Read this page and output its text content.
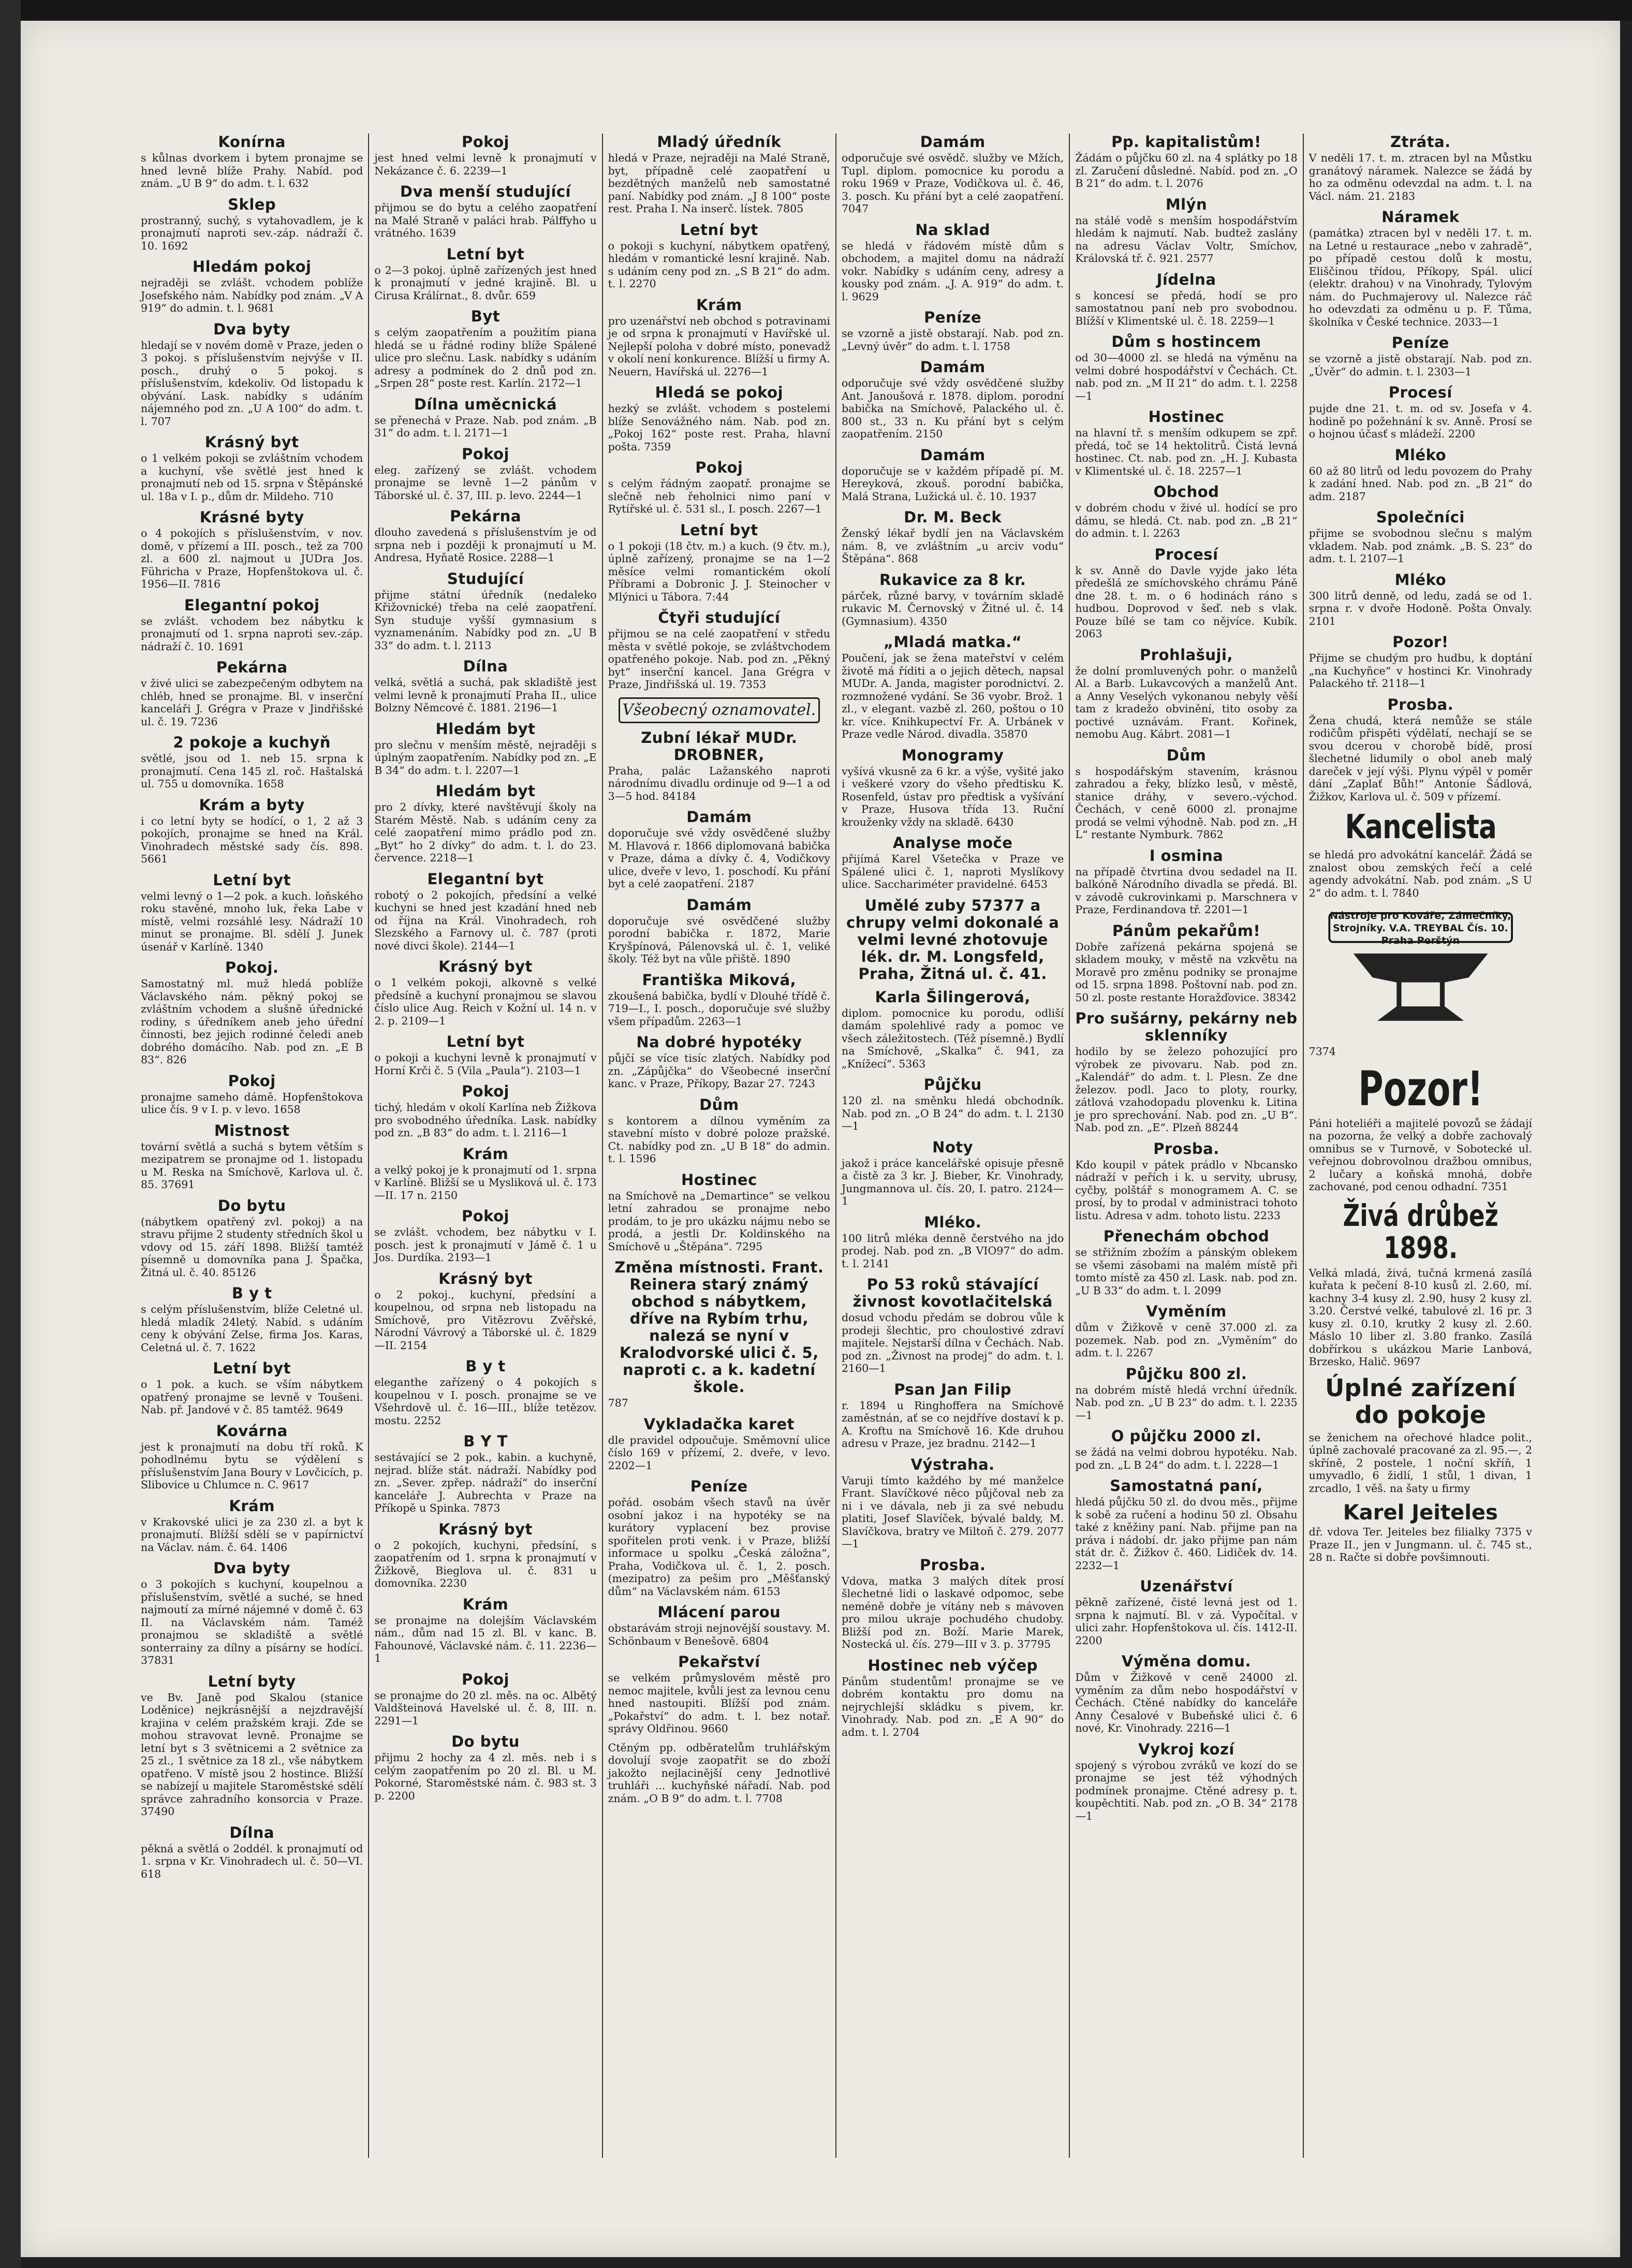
Konírna

s kůlnas dvorkem i bytem pronajme se hned levně blíže Prahy. Nabíd. pod znám. „U B 9“ do adm. t. l. 632

Sklep

prostranný, suchý, s vytahovadlem, je k pronajmutí naproti sev.-záp. nádraží č. 10. 1692

Hledám pokoj

nejraději se zvlášt. vchodem poblíže Josefského nám. Nabídky pod znám. „V A 919“ do admin. t. l. 9681

Dva byty

hledají se v novém domě v Praze, jeden o 3 pokoj. s příslušenstvím nejvýše v II. posch., druhý o 5 pokoj. s příslušenstvím, kdekoliv. Od listopadu k obývání. Lask. nabídky s udáním nájemného pod zn. „U A 100“ do adm. t. l. 707

Krásný byt

o 1 velkém pokoji se zvláštním vchodem a kuchyní, vše světlé jest hned k pronajmutí neb od 15. srpna v Štěpánské ul. 18a v I. p., dům dr. Mildeho. 710

Krásné byty

o 4 pokojích s příslušenstvím, v nov. domě, v přízemí a III. posch., tež za 700 zl. a 600 zl. najmout u JUDra Jos. Führicha v Praze, Hopfenštokova ul. č. 1956—II. 7816

Elegantní pokoj

se zvlášt. vchodem bez nábytku k pronajmutí od 1. srpna naproti sev.-záp. nádraží č. 10. 1691

Pekárna

v živé ulici se zabezpečeným odbytem na chléb, hned se pronajme. Bl. v inserční kanceláři J. Grégra v Praze v Jindřišské ul. č. 19. 7236

2 pokoje a kuchyň

světlé, jsou od 1. neb 15. srpna k pronajmutí. Cena 145 zl. roč. Haštalská ul. 755 u domovníka. 1658

Krám a byty

i co letní byty se hodící, o 1, 2 až 3 pokojích, pronajme se hned na Král. Vinohradech městské sady čís. 898. 5661

Letní byt

velmi levný o 1—2 pok. a kuch. loňského roku stavěné, mnoho luk, řeka Labe v místě, velmi rozsáhlé lesy. Nádraží 10 minut se pronajme. Bl. sdělí J. Junek úsenář v Karlíně. 1340

Pokoj.

Samostatný ml. muž hledá poblíže Václavského nám. pěkný pokoj se zvláštním vchodem a slušně úřednické rodiny, s úředníkem aneb jeho úřední činnosti, bez jejich rodinné čeledi aneb dobrého domácího. Nab. pod zn. „E B 83“. 826

Pokoj

pronajme sameho dámě. Hopfenštokova ulice čís. 9 v I. p. v levo. 1658

Mistnost

tovární světlá a suchá s bytem větším s mezipatrem se pronajme od 1. listopadu u M. Reska na Smíchově, Karlova ul. č. 85. 37691

Do bytu

(nábytkem opatřený zvl. pokoj) a na stravu přijme 2 studenty středních škol u vdovy od 15. září 1898. Bližší tamtéž písemně u domovníka pana J. Špačka, Žitná ul. č. 40. 85126

B y t

s celým příslušenstvím, blíže Celetné ul. hledá mladík 24letý. Nabíd. s udáním ceny k obývání Zelse, firma Jos. Karas, Celetná ul. č. 7. 1622

Letní byt

o 1 pok. a kuch. se vším nábytkem opatřený pronajme se levně v Toušeni. Nab. př. Jandové v č. 85 tamtéž. 9649

Kovárna

jest k pronajmutí na dobu tří roků. K pohodlnému bytu se výdělení s příslušenstvím Jana Boury v Lovčicích, p. Slibovice u Chlumce n. C. 9617

Krám

v Krakovské ulici je za 230 zl. a byt k pronajmutí. Blížší sdělí se v papírnictví na Václav. nám. č. 64. 1406

Dva byty

o 3 pokojích s kuchyní, koupelnou a příslušenstvím, světlé a suché, se hned najmoutí za mírné nájemné v domě č. 63 II. na Václavském nám. Taméž pronajmou se skladiště a světlé sonterrainy za dílny a písárny se hodící. 37831

Letní byty

ve Bv. Janě pod Skalou (stanice Loděnice) nejkrásnější a nejzdravější krajina v celém pražském kraji. Zde se mohou stravovat levně. Pronajme se letní byt s 3 světnicemi a 2 světnice za 25 zl., 1 světnice za 18 zl., vše nábytkem opatřeno. V místě jsou 2 hostince. Bližší se nabízejí u majitele Staroměstské sdělí správce zahradního konsorcia v Praze. 37490

Dílna

pěkná a světlá o 2oddél. k pronajmutí od 1. srpna v Kr. Vinohradech ul. č. 50—VI. 618

Pokoj

jest hned velmi levně k pronajmutí v Nekázance č. 6. 2239—1

Dva menší studující

přijmou se do bytu a celého zaopatření na Malé Straně v paláci hrab. Pálffyho u vrátného. 1639

Letní byt

o 2—3 pokoj. úplně zařízených jest hned k pronajmutí v jedné krajině. Bl. u Cirusa Králírnat., 8. dvůr. 659

Byt

s celým zaopatřením a použitím piana hledá se u řádné rodiny blíže Spálené ulice pro slečnu. Lask. nabídky s udáním adresy a podmínek do 2 dnů pod zn. „Srpen 28“ poste rest. Karlín. 2172—1

Dílna uměcnická

se přenechá v Praze. Nab. pod znám. „B 31“ do adm. t. l. 2171—1

Pokoj

eleg. zařízený se zvlášt. vchodem pronajme se levně 1—2 pánům v Táborské ul. č. 37, III. p. levo. 2244—1

Pekárna

dlouho zavedená s příslušenstvím je od srpna neb i později k pronajmutí u M. Andresa, Hyňatě Rosice. 2288—1

Studující

přijme státní úředník (nedaleko Křižovnické) třeba na celé zaopatření. Syn studuje vyšší gymnasium s vyznamenáním. Nabídky pod zn. „U B 33“ do adm. t. l. 2113

Dílna

velká, světlá a suchá, pak skladiště jest velmi levně k pronajmutí Praha II., ulice Bolzny Němcové č. 1881. 2196—1

Hledám byt

pro slečnu v menším městě, nejraději s úplným zaopatřením. Nabídky pod zn. „E B 34“ do adm. t. l. 2207—1

Hledám byt

pro 2 dívky, které navštěvují školy na Starém Městě. Nab. s udáním ceny za celé zaopatření mimo prádlo pod zn. „Byt“ ho 2 dívky“ do adm. t. l. do 23. července. 2218—1

Elegantní byt

robotý o 2 pokojích, předsíní a velké kuchyni se hned jest kzadání hned neb od října na Král. Vinohradech, roh Slezského a Farnovy ul. č. 787 (proti nové divci škole). 2144—1

Krásný byt

o 1 velkém pokoji, alkovně s velké předsíně a kuchyní pronajmou se slavou číslo ulice Aug. Reich v Kožní ul. 14 n. v 2. p. 2109—1

Letní byt

o pokoji a kuchyni levně k pronajmutí v Horní Krči č. 5 (Vila „Paula“). 2103—1

Pokoj

tichý, hledám v okolí Karlína neb Žižkova pro svobodného úředníka. Lask. nabídky pod zn. „B 83“ do adm. t. l. 2116—1

Krám

a velký pokoj je k pronajmutí od 1. srpna v Karlíně. Bližší se u Mysliková ul. č. 173—II. 17 n. 2150

Pokoj

se zvlášt. vchodem, bez nábytku v I. posch. jest k pronajmutí v Jámě č. 1 u Jos. Durdíka. 2193—1

Krásný byt

o 2 pokoj., kuchyní, předsíní a koupelnou, od srpna neb listopadu na Smíchově, pro Vitězrovu Zvěřské, Národní Vávrový a Táborské ul. č. 1829—II. 2154

B y t

eleganthe zařízený o 4 pokojích s koupelnou v I. posch. pronajme se ve Všehrdově ul. č. 16—III., blíže tetězov. mostu. 2252

B Y T

sestávající se 2 pok., kabin. a kuchyně, nejrad. blíže stát. nádraží. Nabídky pod zn. „Sever. zpřep. nádraží“ do inserční kanceláře J. Aubrechta v Praze na Příkopě u Spinka. 7873

Krásný byt

o 2 pokojích, kuchyni, předsíní, s zaopatřením od 1. srpna k pronajmutí v Žižkově, Bieglova ul. č. 831 u domovníka. 2230

Krám

se pronajme na dolejším Václavském nám., dům nad 15 zl. Bl. v kanc. B. Fahounové, Václavské nám. č. 11. 2236—1

Pokoj

se pronajme do 20 zl. měs. na oc. Albětý Valdšteinová Havelské ul. č. 8, III. n. 2291—1

Do bytu

přijmu 2 hochy za 4 zl. měs. neb i s celým zaopatřením po 20 zl. Bl. u M. Pokorné, Staroměstské nám. č. 983 st. 3 p. 2200

Mladý úředník

hledá v Praze, nejraději na Malé Straně, byt, případně celé zaopatření u bezdětných manželů neb samostatné paní. Nabídky pod znám. „J 8 100“ poste rest. Praha I. Na inserč. lístek. 7805

Letní byt

o pokoji s kuchyní, nábytkem opatřený, hledám v romantické lesní krajině. Nab. s udáním ceny pod zn. „S B 21“ do adm. t. l. 2270

Krám

pro uzenářství neb obchod s potravinami je od srpna k pronajmutí v Havířské ul. Nejlepší poloha v dobré místo, ponevadž v okolí není konkurence. Blížší u firmy A. Neuern, Havířská ul. 2276—1

Hledá se pokoj

hezký se zvlášt. vchodem s postelemi blíže Senovážného nám. Nab. pod zn. „Pokoj 162“ poste rest. Praha, hlavní pošta. 7359

Pokoj

s celým řádným zaopatř. pronajme se slečně neb řeholnici nimo paní v Rytířské ul. č. 531 sl., I. posch. 2267—1

Letní byt

o 1 pokoji (18 čtv. m.) a kuch. (9 čtv. m.), úplně zařízený, pronajme se na 1—2 měsíce velmi romantickém okolí Příbrami a Dobronic J. J. Steinocher v Mlýnici u Tábora. 7:44

Čtyři studující

přijmou se na celé zaopatření v středu města v světlé pokoje, se zvláštvchodem opatřeného pokoje. Nab. pod zn. „Pěkný byt“ inserční kancel. Jana Grégra v Praze, Jindřišská ul. 19. 7353

Všeobecný oznamovatel.
Zubní lékař MUDr. DROBNER,

Praha, palác Lažanského naproti národnímu divadlu ordinuje od 9—1 a od 3—5 hod. 84184

Damám

doporučuje své vždy osvědčené služby M. Hlavová r. 1866 diplomovaná babička v Praze, dáma a dívky č. 4, Vodičkovy ulice, dveře v levo, 1. poschodí. Ku přání byt a celé zaopatření. 2187

Damám

doporučuje své osvědčené služby porodní babička r. 1872, Marie Kryšpínová, Pálenovská ul. č. 1, veliké školy. Též byt na vůle přiště. 1890

Františka Miková,

zkoušená babička, bydlí v Dlouhé třídě č. 719—I., I. posch., doporučuje své služby všem případům. 2263—1

Na dobré hypotéky

půjčí se více tisíc zlatých. Nabídky pod zn. „Zápůjčka“ do Všeobecné inserční kanc. v Praze, Příkopy, Bazar 27. 7243

Dům

s kontorem a dílnou vyměním za stavební místo v dobré poloze pražské. Ct. nabídky pod zn. „U B 18“ do admin. t. l. 1596

Hostinec

na Smíchově na „Demartince“ se velkou letní zahradou se pronajme nebo prodám, to je pro ukázku nájmu nebo se prodá, a jestli Dr. Koldinského na Smíchově u „Štěpána“. 7295

Změna místnosti. Frant. Reinera starý známý obchod s nábytkem, dříve na Rybím trhu, nalezá se nyní v Kralodvorské ulici č. 5, naproti c. a k. kadetní škole.

787

Vykladačka karet

dle pravidel odpoučuje. Směmovní ulice číslo 169 v přízemí, 2. dveře, v levo. 2202—1

Peníze

pořád. osobám všech stavů na úvěr osobní jakoz i na hypotéky se na kurátory vyplacení bez provise spořitelen proti venk. i v Praze, bližší informace u spolku „Česká záložna“, Praha, Vodičkova ul. č. 1, 2. posch. (mezipatro) za pešim pro „Měšťanský dům“ na Václavském nám. 6153

Mlácení parou

obstarávám stroji nejnovější soustavy. M. Schönbaum v Benešově. 6804

Pekařství

se velkém průmyslovém městě pro nemoc majitele, kvůli jest za levnou cenu hned nastoupiti. Blížší pod znám. „Pokařství“ do adm. t. l. bez notař. správy Oldřinou. 9660

Ctěným pp. odběratelům truhlářským dovolují svoje zaopatřit se do zboží jakožto nejlacinější ceny Jednotlivé truhláři ... kuchyňské nářadí. Nab. pod znám. „O B 9“ do adm. t. l. 7708

Damám

odporučuje své osvědč. služby ve Mžích, Tupl. diplom. pomocnice ku porodu a roku 1969 v Praze, Vodičkova ul. č. 46, 3. posch. Ku přání byt a celé zaopatření. 7047

Na sklad

se hledá v řádovém místě dům s obchodem, a majitel domu na nádraží vokr. Nabídky s udáním ceny, adresy a kousky pod znám. „J. A. 919“ do adm. t. l. 9629

Peníze

se vzorně a jistě obstarají. Nab. pod zn. „Levný úvěr“ do adm. t. l. 1758

Damám

odporučuje své vždy osvědčené služby Ant. Janoušová r. 1878. diplom. porodní babička na Smíchově, Palackého ul. č. 800 st., 33 n. Ku přání byt s celým zaopatřením. 2150

Damám

doporučuje se v každém případě pí. M. Hereyková, zkouš. porodní babička, Malá Strana, Lužická ul. č. 10. 1937

Dr. M. Beck

Ženský lékař bydlí jen na Václavském nám. 8, ve zvláštním „u arciv vodu“ Štěpána“. 868

Rukavice za 8 kr.

párček, různé barvy, v továrním skladě rukavic M. Černovský v Žitné ul. č. 14 (Gymnasium). 4350

„Mladá matka.“

Poučení, jak se žena mateřství v celém životě má říditi a o jejich dětech, napsal MUDr. A. Janda, magister porodnictví. 2. rozmnožené vydání. Se 36 vyobr. Brož. 1 zl., v elegant. vazbě zl. 260, poštou o 10 kr. více. Knihkupectví Fr. A. Urbánek v Praze vedle Národ. divadla. 35870

Monogramy

vyšívá vkusně za 6 kr. a výše, vyšité jako i veškeré vzory do všeho předtisku K. Rosenfeld, ústav pro předtisk a vyšívání v Praze, Husova třída 13. Ruční krouženky vždy na skladě. 6430

Analyse moče

přijímá Karel Všetečka v Praze ve Spálené ulici č. 1, naproti Myslíkovy ulice. Sacchariméter pravidelné. 6453

Umělé zuby 57377 a chrupy velmi dokonalé a velmi levné zhotovuje lék. dr. M. Longsfeld, Praha, Žitná ul. č. 41.
Karla Šilingerová,

diplom. pomocnice ku porodu, odliší damám spolehlivé rady a pomoc ve všech záležitostech. (Též písemně.) Bydlí na Smíchově, „Skalka“ č. 941, za „Knížecí“. 5363

Půjčku

120 zl. na směnku hledá obchodník. Nab. pod zn. „O B 24“ do adm. t. l. 2130—1

Noty

jakož i práce kancelářské opisuje přesně a čistě za 3 kr. J. Bieber, Kr. Vinohrady, Jungmannova ul. čís. 20, I. patro. 2124—1

Mléko.

100 litrů mléka denně čerstvého na jdo prodej. Nab. pod zn. „B VIO97“ do adm. t. l. 2141

Po 53 roků stávající živnost kovotlačitelská

dosud vchodu předám se dobrou vůle k prodeji šlechtic, pro choulostivé zdraví majitele. Nejstarší dílna v Čechách. Nab. pod zn. „Živnost na prodej“ do adm. t. l. 2160—1

Psan Jan Filip

r. 1894 u Ringhoffera na Smíchově zaměstnán, ať se co nejdříve dostaví k p. A. Kroftu na Smíchově 16. Kde druhou adresu v Praze, jez bradnu. 2142—1

Výstraha.

Varuji tímto každého by mé manželce Frant. Slavíčkové něco půjčoval neb za ni i ve dávala, neb ji za své nebudu platiti, Josef Slavíček, bývalé baldy, M. Slavíčkova, bratry ve Miltoň č. 279. 2077—1

Prosba.

Vdova, matka 3 malých dítek prosí šlechetné lidi o laskavé odpomoc, sebe neméně dobře je vítány neb s mávoven pro milou ukraje pochudého chudoby. Bližší pod zn. Boží. Marie Marek, Nostecká ul. čís. 279—III v 3. p. 37795

Hostinec neb výčep

Pánům studentům! pronajme se ve dobrém kontaktu pro domu na nejrychlejší skládku s pivem, kr. Vinohrady. Nab. pod zn. „E A 90“ do adm. t. l. 2704

Pp. kapitalistům!

Žádám o půjčku 60 zl. na 4 splátky po 18 zl. Zaručení důsledné. Nabíd. pod zn. „O B 21“ do adm. t. l. 2076

Mlýn

na stálé vodě s menším hospodářstvím hledám k najmutí. Nab. budtež zaslány na adresu Václav Voltr, Smíchov, Královská tř. č. 921. 2577

Jídelna

s koncesí se předá, hodí se pro samostatnou paní neb pro svobodnou. Blížší v Klimentské ul. č. 18. 2259—1

Dům s hostincem

od 30—4000 zl. se hledá na výměnu na velmi dobré hospodářství v Čechách. Ct. nab. pod zn. „M II 21“ do adm. t. l. 2258—1

Hostinec

na hlavní tř. s menším odkupem se zpř. předá, toč se 14 hektolitrů. Čistá levná hostinec. Ct. nab. pod zn. „H. J. Kubasta v Klimentské ul. č. 18. 2257—1

Obchod

v dobrém chodu v živé ul. hodící se pro dámu, se hledá. Ct. nab. pod zn. „B 21“ do admin. t. l. 2263

Procesí

k sv. Anně do Davle vyjde jako léta předešlá ze smíchovského chrámu Páně dne 28. t. m. o 6 hodinách ráno s hudbou. Doprovod v šeď. neb s vlak. Pouze bílé se tam co nějvíce. Kubík. 2063

Prohlašuji,

že dolní promluvených pohr. o manželů Al. a Barb. Lukavcových a manželů Ant. a Anny Veselých vykonanou nebyly věší tam z kradežo obvinění, tito osoby za poctivé uznávám. Frant. Kořinek, nemobu Aug. Kábrt. 2081—1

Dům

s hospodářským stavením, krásnou zahradou a řeky, blízko lesů, v městě, stanice dráhy, v severo.-východ. Čechách, v ceně 6000 zl. pronajme prodá se velmi výhodně. Nab. pod zn. „H L“ restante Nymburk. 7862

I osmina

na případě čtvrtina dvou sedadel na II. balkóně Národního divadla se předá. Bl. v závodě cukrovinkami p. Marschnera v Praze, Ferdinandova tř. 2201—1

Pánům pekařům!

Dobře zařízená pekárna spojená se skladem mouky, v městě na vzkvětu na Moravě pro změnu podniky se pronajme od 15. srpna 1898. Poštovní nab. pod zn. 50 zl. poste restante Horažďovice. 38342

Pro sušárny, pekárny neb sklenníky

hodilo by se železo pohozující pro výrobek ze pivovaru. Nab. pod zn. „Kalendář“ do adm. t. l. Plesn. Ze dne železov. podl. Jaco to ploty, rourky, zátlová vzahodopadu plovenku k. Litina je pro sprechování. Nab. pod zn. „U B“. Nab. pod zn. „E“. Plzeň 88244

Prosba.

Kdo koupil v pátek prádlo v Nbcansko nádraží v peřích i k. u servity, ubrusy, cyčby, polštář s monogramem A. C. se prosí, by to prodal v administraci tohoto listu. Adresa v adm. tohoto listu. 2233

Přenechám obchod

se střižním zbožím a pánským oblekem se všemi zásobami na malém místě při tomto místě za 450 zl. Lask. nab. pod zn. „U B 33“ do adm. t. l. 2099

Vyměním

dům v Žižkově v ceně 37.000 zl. za pozemek. Nab. pod zn. „Vyměním“ do adm. t. l. 2267

Půjčku 800 zl.

na dobrém místě hledá vrchní úředník. Nab. pod zn. „U B 23“ do adm. t. l. 2235—1

O půjčku 2000 zl.

se žádá na velmi dobrou hypotéku. Nab. pod zn. „L B 24“ do adm. t. l. 2228—1

Samostatná paní,

hledá půjčku 50 zl. do dvou měs., přijme k sobě za ručení a hodinu 50 zl. Obsahu také z kněžiny paní. Nab. přijme pan na práva i nádobí. dr. jako přijme pan nám stát dr. č. Žižkov č. 460. Lidiček dv. 14. 2232—1

Uzenářství

pěkně zařízené, čisté levná jest od 1. srpna k najmutí. Bl. v zá. Vypočítal. v ulici zahr. Hopfenštokova ul. čís. 1412-II. 2200

Výměna domu.

Dům v Žižkově v ceně 24000 zl. vyměním za dům nebo hospodářství v Čechách. Ctěné nabídky do kanceláře Anny Česalové v Bubeňské ulici č. 6 nové, Kr. Vinohrady. 2216—1

Vykroj kozí

spojený s výrobou zvráků ve kozí do se pronajme se jest též výhodných podmínek pronajme. Ctěné adresy p. t. koupěchtiti. Nab. pod zn. „O B. 34“ 2178—1

Ztráta.

V neděli 17. t. m. ztracen byl na Můstku granátový náramek. Nalezce se žádá by ho za odměnu odevzdal na adm. t. l. na Václ. nám. 21. 2183

Náramek

(památka) ztracen byl v neděli 17. t. m. na Letné u restaurace „nebo v zahradě“, po případě cestou dolů k mostu, Eliščinou třídou, Příkopy, Spál. ulicí (elektr. drahou) v na Vinohrady, Tylovým nám. do Puchmajerovy ul. Nalezce ráč ho odevzdati za odměnu u p. F. Tůma, školníka v České technice. 2033—1

Peníze

se vzorně a jistě obstarají. Nab. pod zn. „Úvěr“ do admin. t. l. 2303—1

Procesí

pujde dne 21. t. m. od sv. Josefa v 4. hodině po požehnání k sv. Anně. Prosí se o hojnou účasť s mládeží. 2200

Mléko

60 až 80 litrů od ledu povozem do Prahy k zadání hned. Nab. pod zn. „B 21“ do adm. 2187

Společníci

přijme se svobodnou slečnu s malým vkladem. Nab. pod známk. „B. S. 23“ do adm. t. l. 2107—1

Mléko

300 litrů denně, od ledu, zadá se od 1. srpna r. v dvoře Hodoně. Pošta Onvaly. 2101

Pozor!

Přijme se chudým pro hudbu, k doptání „na Kuchyňce“ v hostinci Kr. Vinohrady Palackého tř. 2118—1

Prosba.

Žena chudá, která nemůže se stále rodičům přispěti výdělatí, nechají se se svou dcerou v chorobě bídě, prosí šlechetné lidumily o obol aneb malý dareček v její výši. Plynu výpěl v poměr dání „Zaplať Bůh!“ Antonie Šádlová, Žižkov, Karlova ul. č. 509 v přízemí.

Kancelista

se hledá pro advokátní kancelář. Žádá se znalost obou zemských řečí a celé agendy advokátní. Nab. pod znám. „S U 2“ do adm. t. l. 7840

Nástroje pro Kováře, Zámečníky, Strojníky. V.A. TREYBAL Čís. 10. Praha Perštýn

7374

Pozor!

Páni hoteliéři a majitelé povozů se žádají na pozorna, že velký a dobře zachovalý omnibus se v Turnově, v Sobotecké ul. veřejnou dobrovolnou dražbou omnibus, 2 lučary a koňská mnohá, dobře zachované, pod cenou odhadní. 7351

Živá drůbež 1898.

Velká mladá, živá, tučná krmená zasílá kuřata k pečení 8-10 kusů zl. 2.60, mí. kachny 3-4 kusy zl. 2.90, husy 2 kusy zl. 3.20. Čerstvé velké, tabulové zl. 16 pr. 3 kusy zl. 0.10, krutky 2 kusy zl. 2.60. Máslo 10 liber zl. 3.80 franko. Zasílá dobřírkou s ukázkou Marie Lanbová, Brzesko, Halič. 9697

Úplné zařízení do pokoje

se ženichem na ořechové hladce polit., úplně zachovalé pracované za zl. 95.—, 2 skříně, 2 postele, 1 noční skříň, 1 umyvadlo, 6 židlí, 1 stůl, 1 divan, 1 zrcadlo, 1 věš. na šaty u firmy

Karel Jeiteles

dř. vdova Ter. Jeiteles bez filialky 7375 v Praze II., jen v Jungmann. ul. č. 745 st., 28 n. Račte si dobře povšimnouti.
